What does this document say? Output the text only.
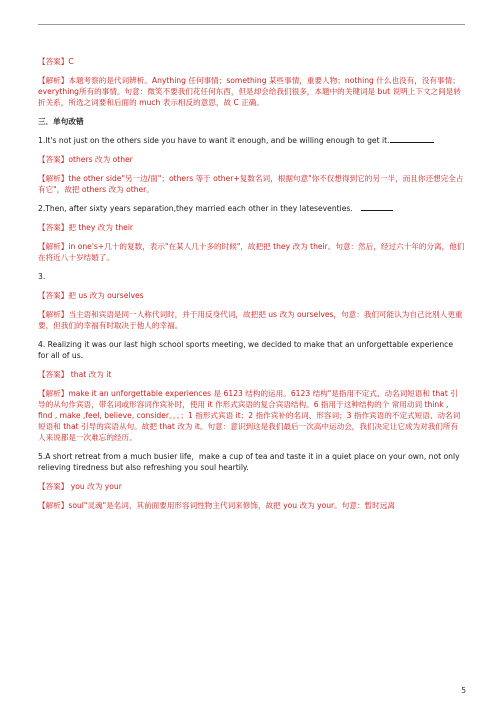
【答案】C

【解析】本题考察的是代词辨析。Anything 任何事情；something 某些事情，重要人物；nothing 什么也没有，没有事情；everything所有的事情。句意：微笑不要我们花任何东西，但是却会给我们很多，本题中的关键词是 but 说明上下文之间是转折关系，所选之词要和后面的 much 表示相反的意思，故 C 正确。

三．单句改错

1.It's not just on the others side you have to want it enough, and be willing enough to get it.

【答案】others 改为 other

【解析】the other side"另一边/面"；others 等于 other+复数名词，根据句意"你不仅想得到它的另一半，而且你还想完全占有它"，故把 others 改为 other。

2.Then, after sixty years separation,they married each other in they lateseventies.

【答案】把 they 改为 their

【解析】in one's+几十的复数，表示"在某人几十多的时候"，故把把 they 改为 their。句意：然后，经过六十年的分离，他们在将近八十岁结婚了。

3.

【答案】把 us 改为 ourselves

【解析】当主语和宾语是同一人称代词时，并于用反身代词，故把把 us 改为 ourselves，句意：我们可能认为自己比别人更重要，但我们的幸福有时取决于他人的幸福。

4. Realizing it was our last high school sports meeting, we decided to make that an unforgettable experience for all of us.

【答案】 that 改为 it

【解析】make it an unforgettable experiences 是 6123 结构的运用。6123 结构"是指用不定式、动名词短语和 that 引导的从句作宾语，带名词或形容词作宾补时，使用 it 作形式宾语的复合宾语结构。6 指用于这种结构的个 常用动词 think , find , make ,feel, believe, consider。。。；1 指形式宾语 it；2 指作宾补的名词、形容词；3 指作宾语的不定式短语、动名词短语和 that 引导的宾语从句。故把 that 改为 it。句意：意识到这是我们最后一次高中运动会，我们决定让它成为对我们所有人来说都是一次难忘的经历。

5.A short retreat from a much busier life，make a cup of tea and taste it in a quiet place on your own, not only relieving tiredness but also refreshing you soul heartily.

【答案】 you 改为 your

【解析】soul"灵魂"是名词，其前面要用形容词性物主代词来修饰，故把 you 改为 your。句意：暂时远离

5
